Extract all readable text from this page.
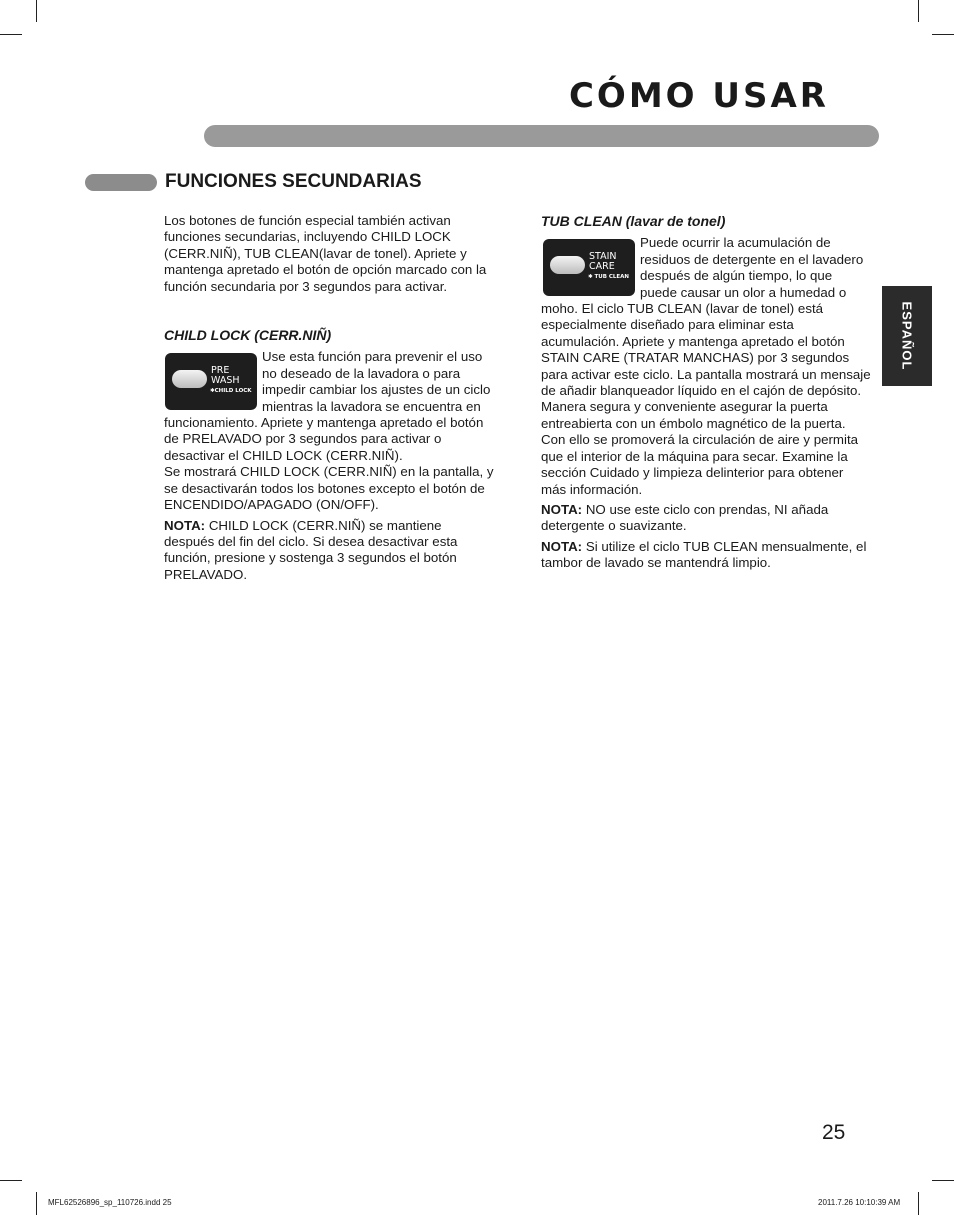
CÓMO USAR
FUNCIONES SECUNDARIAS
ESPAÑOL

Los botones de función especial también activan funciones secundarias, incluyendo CHILD LOCK (CERR.NIÑ), TUB CLEAN(lavar de tonel). Apriete y mantenga apretado el botón de opción marcado con la función secundaria por 3 segundos para activar.

CHILD LOCK (CERR.NIÑ)

PRE
WASH
✱CHILD LOCK

Use esta función para prevenir el uso no deseado de la lavadora o para impedir cambiar los ajustes de un ciclo mientras la lavadora se encuentra en funcionamiento. Apriete y mantenga apretado el botón de PRELAVADO por 3 segundos para activar o desactivar el CHILD LOCK (CERR.NIÑ).

Se mostrará CHILD LOCK (CERR.NIÑ) en la pantalla, y se desactivarán todos los botones excepto el botón de ENCENDIDO/APAGADO (ON/OFF).

NOTA: CHILD LOCK (CERR.NIÑ) se mantiene después del fin del ciclo. Si desea desactivar esta función, presione y sostenga 3 segundos el botón PRELAVADO.

TUB CLEAN (lavar de tonel)

STAIN
CARE
✱ TUB CLEAN

Puede ocurrir la acumulación de residuos de detergente en el lavadero después de algún tiempo, lo que puede causar un olor a humedad o moho. El ciclo TUB CLEAN (lavar de tonel) está especialmente diseñado para eliminar esta acumulación. Apriete y mantenga apretado el botón STAIN CARE (TRATAR MANCHAS) por 3 segundos para activar este ciclo. La pantalla mostrará un mensaje de añadir blanqueador líquido en el cajón de depósito. Manera segura y conveniente asegurar la puerta entreabierta con un émbolo magnético de la puerta. Con ello se promoverá la circulación de aire y permita que el interior de la máquina para secar. Examine la sección Cuidado y limpieza delinterior para obtener más información.

NOTA: NO use este ciclo con prendas, NI añada detergente o suavizante.

NOTA: Si utilize el ciclo TUB CLEAN mensualmente, el tambor de lavado se mantendrá limpio.

25
MFL62526896_sp_110726.indd 25	2011.7.26 10:10:39 AM
